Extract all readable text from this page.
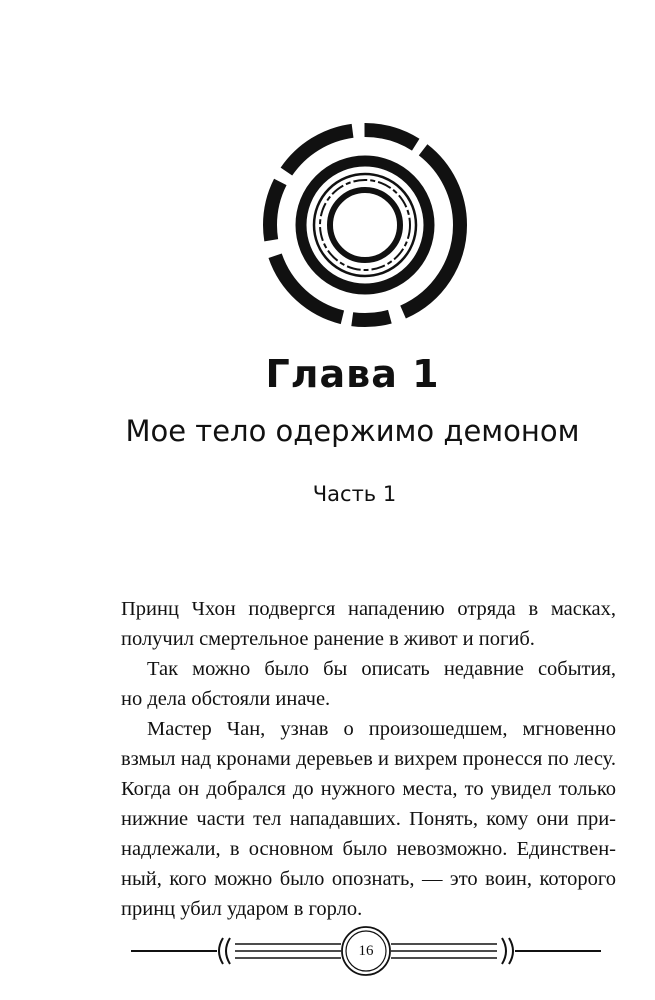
Глава 1
Мое тело одержимо демоном
Часть 1
Принц Чхон подвергся нападению отряда в масках,
получил смертельное ранение в живот и погиб.
Так можно было бы описать недавние события,
но дела обстояли иначе.
Мастер Чан, узнав о произошедшем, мгновенно
взмыл над кронами деревьев и вихрем пронесся по лесу.
Когда он добрался до нужного места, то увидел только
нижние части тел нападавших. Понять, кому они при-
надлежали, в основном было невозможно. Единствен-
ный, кого можно было опознать, — это воин, которого
принц убил ударом в горло.
16
